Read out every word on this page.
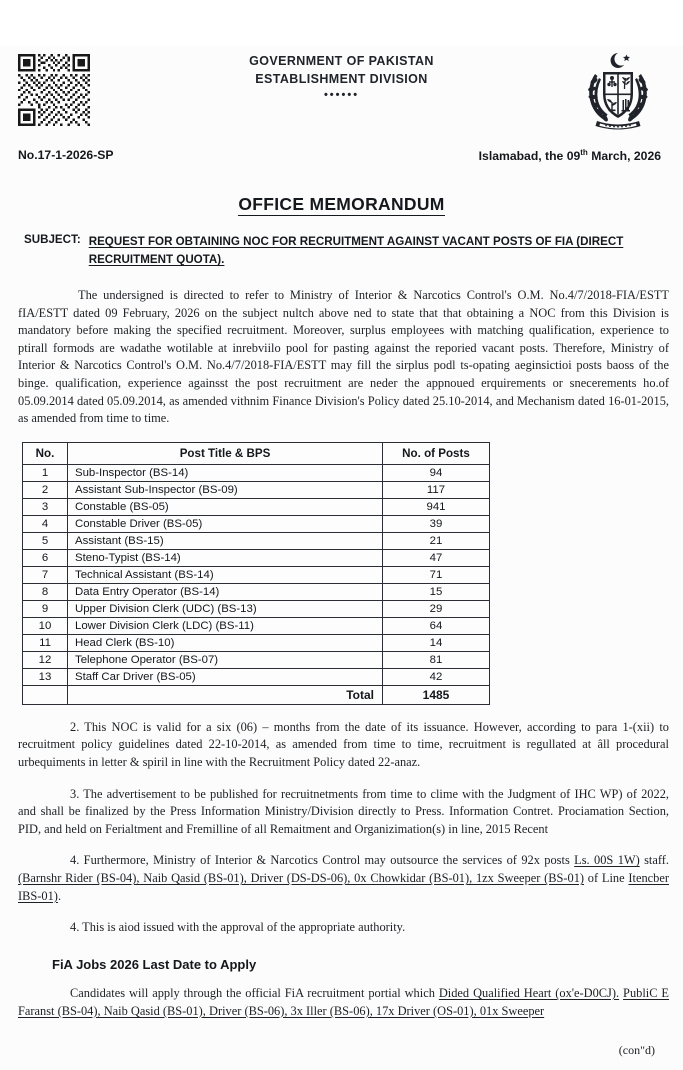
GOVERNMENT OF PAKISTAN
ESTABLISHMENT DIVISION
••••••
No.17-1-2026-SP	Islamabad, the 09th March, 2026
OFFICE MEMORANDUM
SUBJECT: REQUEST FOR OBTAINING NOC FOR RECRUITMENT AGAINST VACANT POSTS OF FIA (DIRECT RECRUITMENT QUOTA).

The undersigned is directed to refer to Ministry of Interior & Narcotics Control's O.M. No.4/7/2018-FIA/ESTT fIA/ESTT dated 09 February, 2026 on the subject nultch above ned to state that that obtaining a NOC from this Division is mandatory before making the specified recruitment. Moreover, surplus employees with matching qualification, experience to ptirall formods are wadathe wotilable at inrebviilo pool for pasting against the reporied vacant posts. Therefore, Ministry of Interior & Narcotics Control's O.M. No.4/7/2018-FIA/ESTT may fill the sirplus podl ts-opating aeginsictioi posts baoss of the binge. qualification, experience againsst the post recruitment are neder the appnoued erquirements or snecerements ho.of 05.09.2014 dated 05.09.2014, as amended vithnim Finance Division's Policy dated 25.10-2014, and Mechanism dated 16-01-2015, as amended from time to time.

No.	Post Title & BPS	No. of Posts
1	Sub-Inspector (BS-14)	94
2	Assistant Sub-Inspector (BS-09)	117
3	Constable (BS-05)	941
4	Constable Driver (BS-05)	39
5	Assistant (BS-15)	21
6	Steno-Typist (BS-14)	47
7	Technical Assistant (BS-14)	71
8	Data Entry Operator (BS-14)	15
9	Upper Division Clerk (UDC) (BS-13)	29
10	Lower Division Clerk (LDC) (BS-11)	64
11	Head Clerk (BS-10)	14
12	Telephone Operator (BS-07)	81
13	Staff Car Driver (BS-05)	42
	Total	1485

2. This NOC is valid for a six (06) – months from the date of its issuance. However, according to para 1-(xii) to recruitment policy guidelines dated 22-10-2014, as amended from time to time, recruitment is regullated at âll procedural urbequiments in letter & spiril in line with the Recruitment Policy dated 22-anaz.

3. The advertisement to be published for recruitnetments from time to clime with the Judgment of IHC WP) of 2022, and shall be finalized by the Press Information Ministry/Division directly to Press. Information Contret. Prociamation Section, PID, and held on Ferialtment and Fremilline of all Remaitment and Organizimation(s) in line, 2015 Recent

4. Furthermore, Ministry of Interior & Narcotics Control may outsource the services of 92x posts Ls. 00S 1W) staff. (Barnshr Rider (BS-04), Naib Qasid (BS-01), Driver (DS-DS-06), 0x Chowkidar (BS-01), 1zx Sweeper (BS-01) of Line Itencber IBS-01).

4. This is aiod issued with the approval of the appropriate authority.

FiA Jobs 2026 Last Date to Apply

Candidates will apply through the official FiA recruitment portial which Dided Qualified Heart (ox'e-D0CJ). PubliC E Faranst (BS-04), Naib Qasid (BS-01), Driver (BS-06), 3x Iller (BS-06), 17x Driver (OS-01), 01x Sweeper

(con"d)
